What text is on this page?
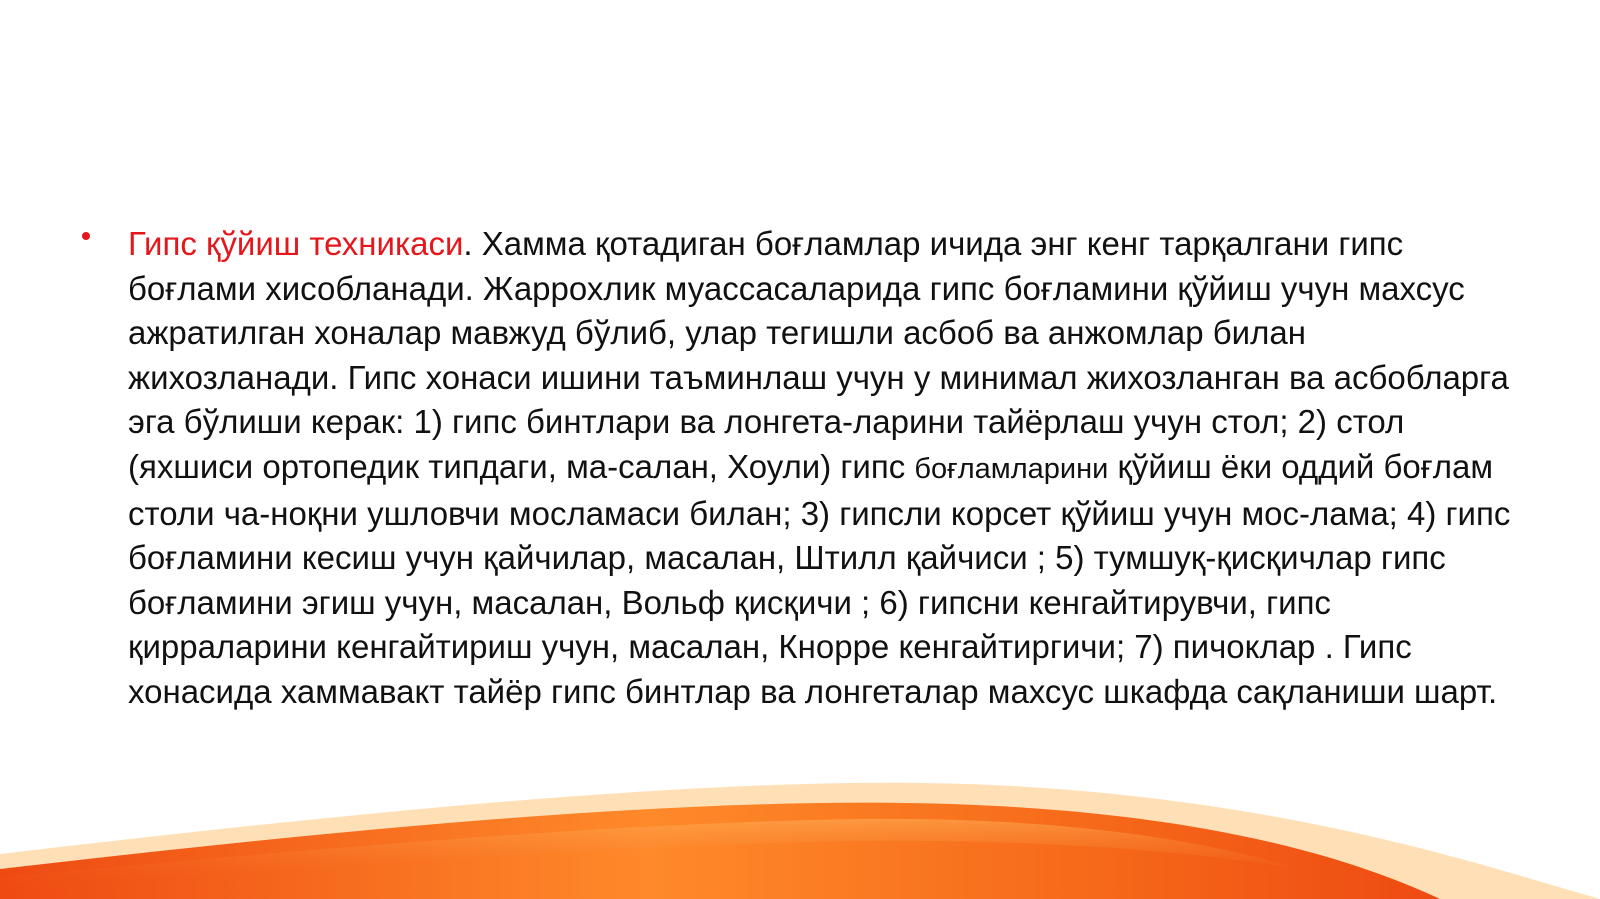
Гипс қўйиш техникаси. Хамма қотадиган боғламлар ичида энг кенг тарқалгани гипс боғлами хисобланади. Жаррохлик муассасаларида гипс боғламини қўйиш учун махсус ажратилган хоналар мавжуд бўлиб, улар тегишли асбоб ва анжомлар билан жихозланади. Гипс хонаси ишини таъминлаш учун у минимал жихозланган ва асбобларга эга бўлиши керак: 1) гипс бинтлари ва лонгета-ларини тайёрлаш учун стол; 2) стол (яхшиси ортопедик типдаги, ма-салан, Хоули) гипс боғламларини қўйиш ёки оддий боғлам столи ча-ноқни ушловчи мосламаси билан; 3) гипсли корсет қўйиш учун мос-лама; 4) гипс боғламини кесиш учун қайчилар, масалан, Штилл қайчиси ; 5) тумшуқ-қисқичлар гипс боғламини эгиш учун, масалан, Вольф қисқичи ; 6) гипсни кенгайтирувчи, гипс қирраларини кенгайтириш учун, масалан, Кнорре кенгайтиргичи; 7) пичоклар . Гипс хонасида хаммавакт тайёр гипс бинтлар ва лонгеталар махсус шкафда сақланиши шарт.
